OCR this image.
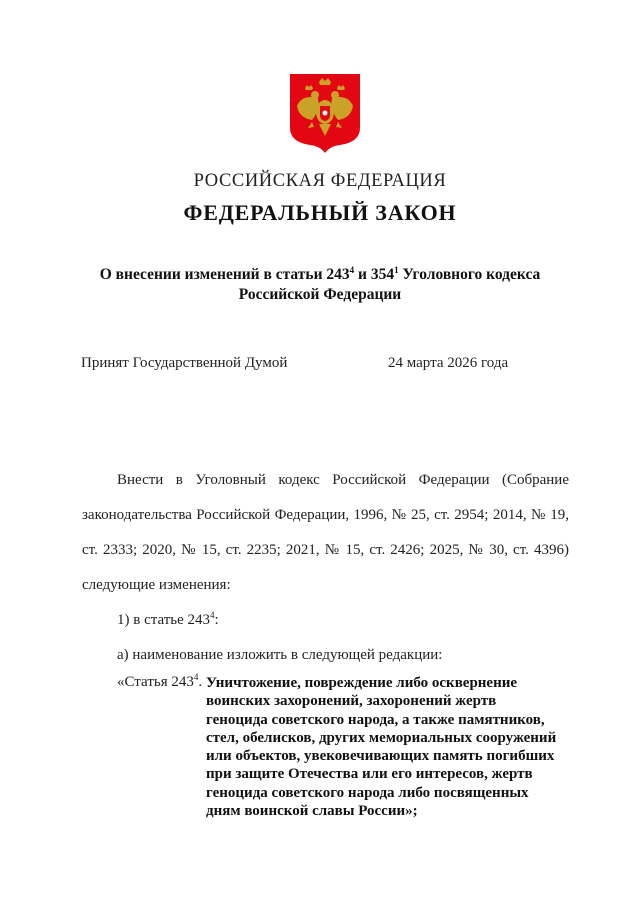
РОССИЙСКАЯ ФЕДЕРАЦИЯ
ФЕДЕРАЛЬНЫЙ ЗАКОН
О внесении изменений в статьи $243^4$ и $354^1$ Уголовного кодекса
Российской Федерации
Принят Государственной Думой	24 марта 2026 года

Внести в Уголовный кодекс Российской Федерации (Собрание законодательства Российской Федерации, 1996, № 25, ст. 2954; 2014, № 19, ст. 2333; 2020, № 15, ст. 2235; 2021, № 15, ст. 2426; 2025, № 30, ст. 4396) следующие изменения:

1) в статье $243^4$:

а) наименование изложить в следующей редакции:

«Статья $243^4$. Уничтожение, повреждение либо осквернение
воинских захоронений, захоронений жертв
геноцида советского народа, а также памятников,
стел, обелисков, других мемориальных сооружений
или объектов, увековечивающих память погибших
при защите Отечества или его интересов, жертв
геноцида советского народа либо посвященных
дням воинской славы России»;
